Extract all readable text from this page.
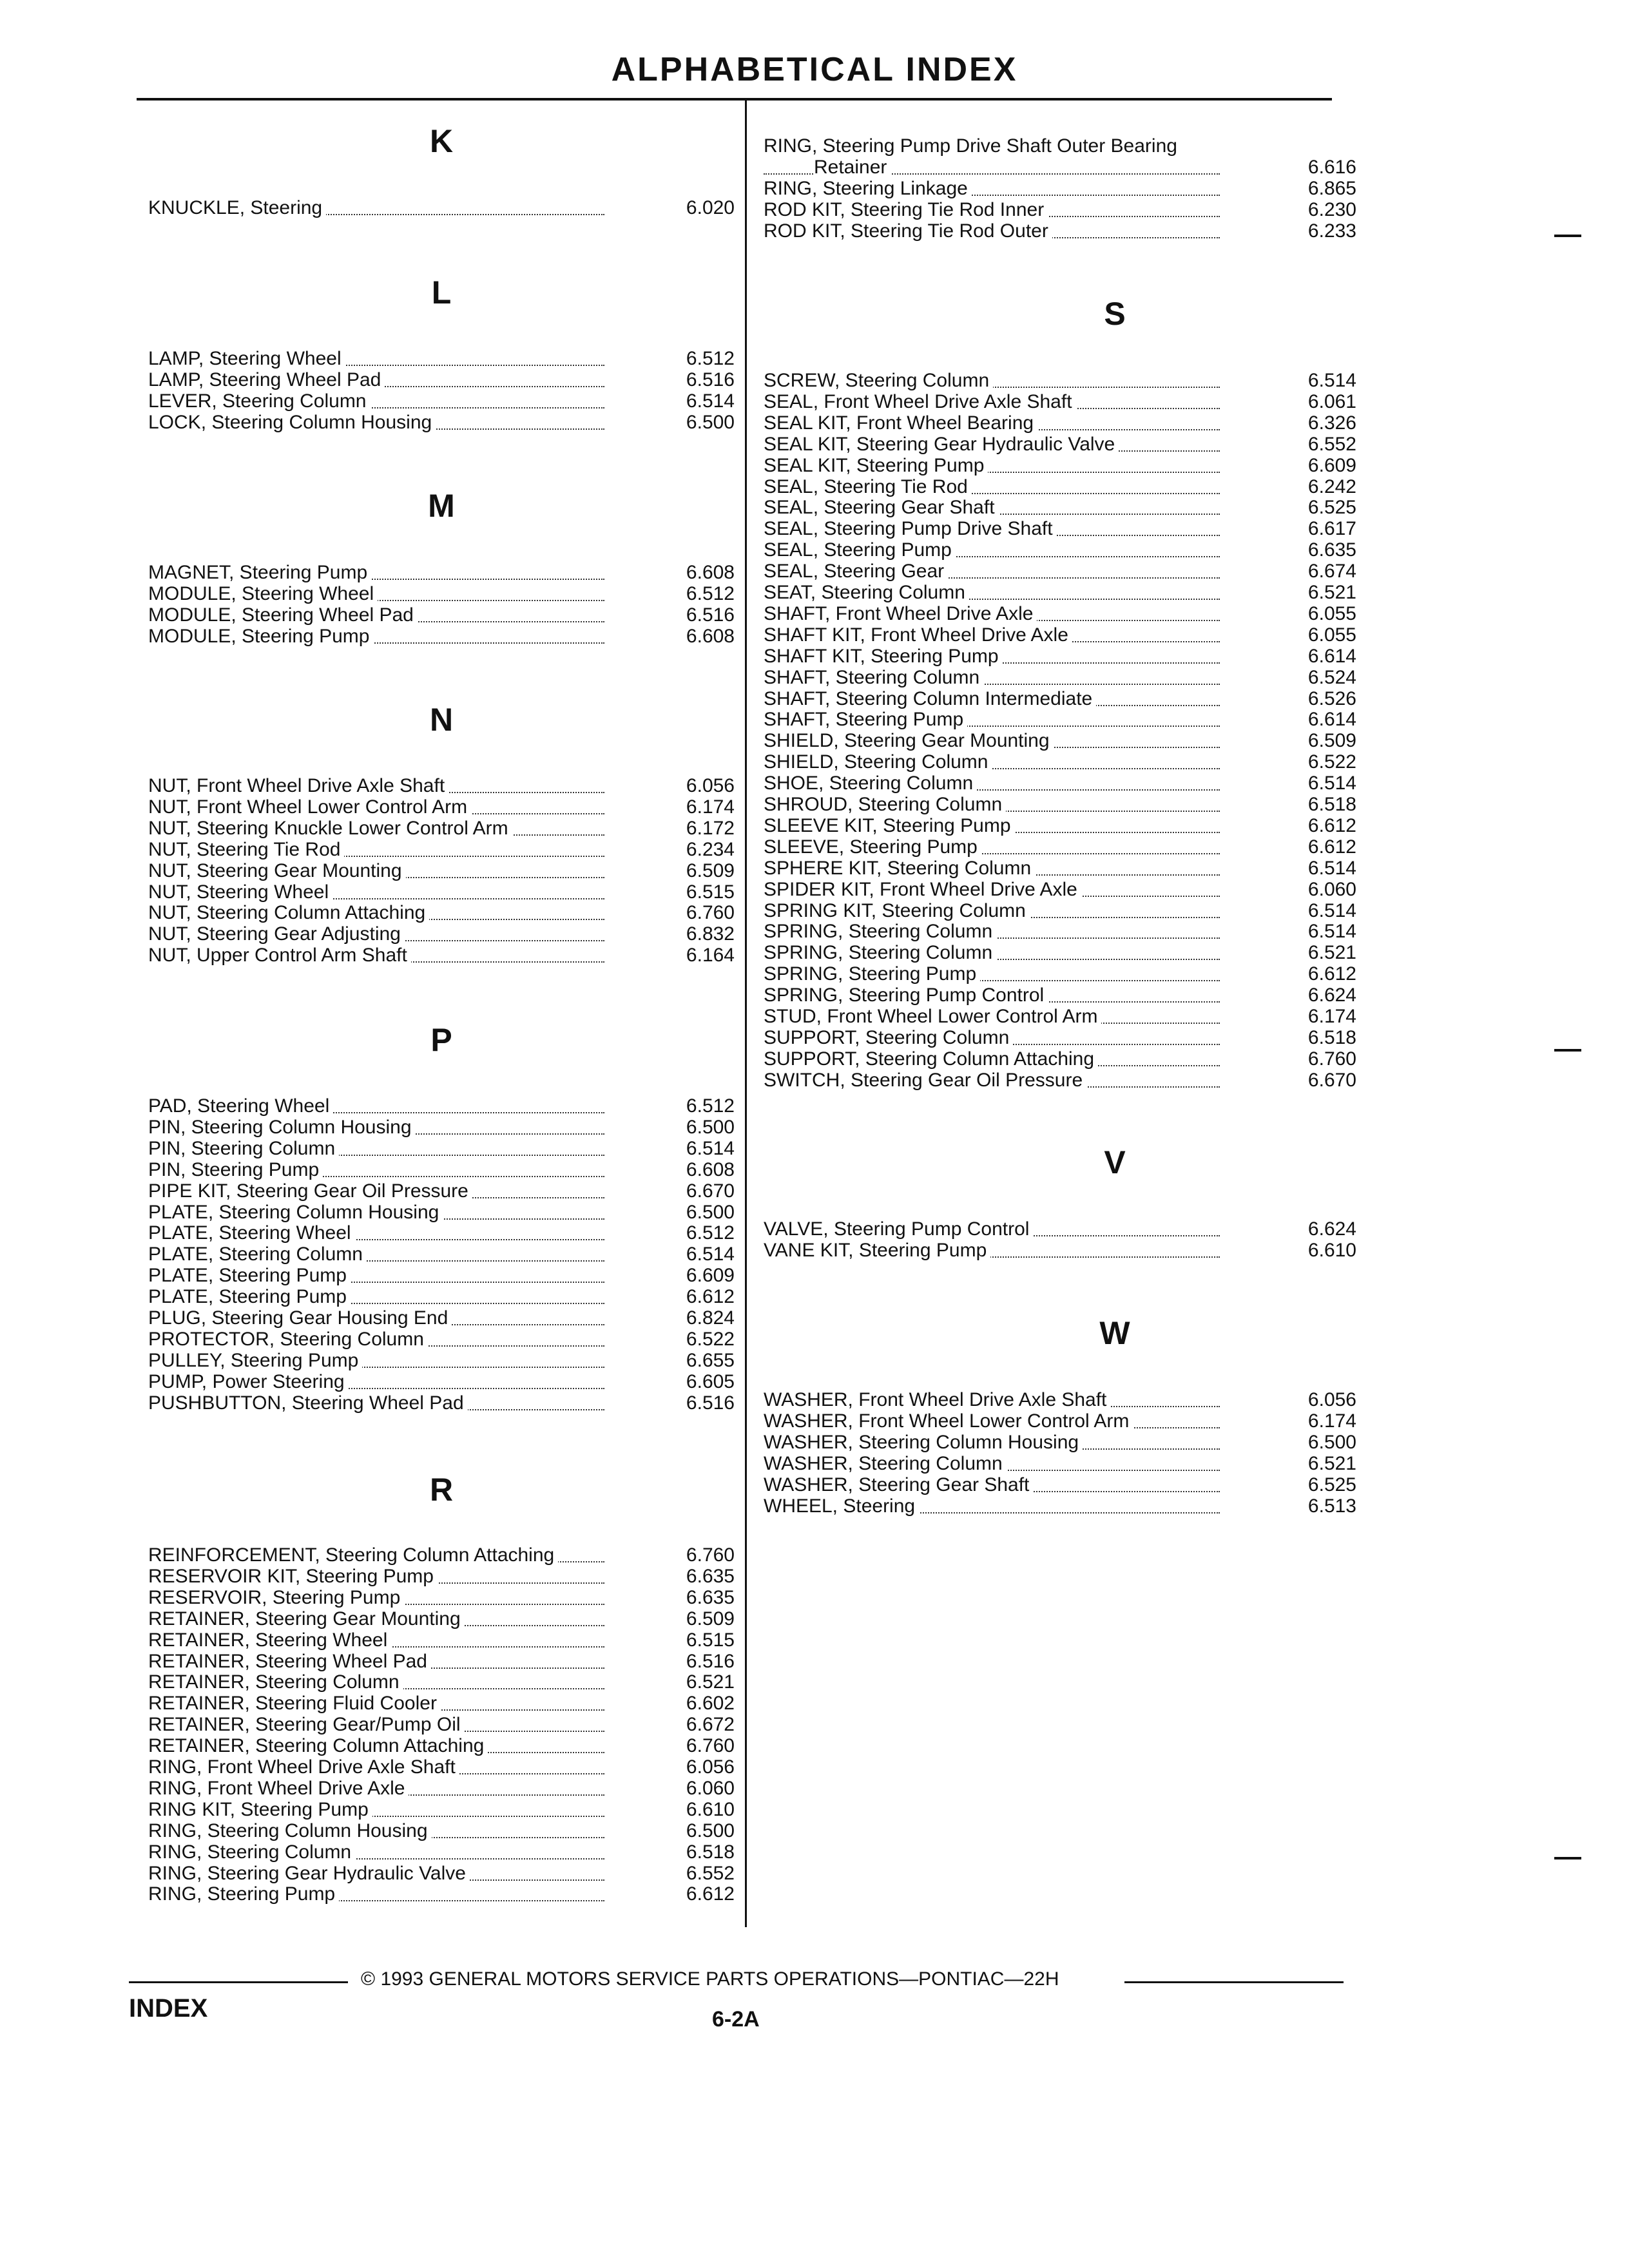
ALPHABETICAL INDEX
K
KNUCKLE, Steering	6.020
L
LAMP, Steering Wheel	6.512
LAMP, Steering Wheel Pad	6.516
LEVER, Steering Column	6.514
LOCK, Steering Column Housing	6.500
M
MAGNET, Steering Pump	6.608
MODULE, Steering Wheel	6.512
MODULE, Steering Wheel Pad	6.516
MODULE, Steering Pump	6.608
N
NUT, Front Wheel Drive Axle Shaft	6.056
NUT, Front Wheel Lower Control Arm	6.174
NUT, Steering Knuckle Lower Control Arm	6.172
NUT, Steering Tie Rod	6.234
NUT, Steering Gear Mounting	6.509
NUT, Steering Wheel	6.515
NUT, Steering Column Attaching	6.760
NUT, Steering Gear Adjusting	6.832
NUT, Upper Control Arm Shaft	6.164
P
PAD, Steering Wheel	6.512
PIN, Steering Column Housing	6.500
PIN, Steering Column	6.514
PIN, Steering Pump	6.608
PIPE KIT, Steering Gear Oil Pressure	6.670
PLATE, Steering Column Housing	6.500
PLATE, Steering Wheel	6.512
PLATE, Steering Column	6.514
PLATE, Steering Pump	6.609
PLATE, Steering Pump	6.612
PLUG, Steering Gear Housing End	6.824
PROTECTOR, Steering Column	6.522
PULLEY, Steering Pump	6.655
PUMP, Power Steering	6.605
PUSHBUTTON, Steering Wheel Pad	6.516
R
REINFORCEMENT, Steering Column Attaching	6.760
RESERVOIR KIT, Steering Pump	6.635
RESERVOIR, Steering Pump	6.635
RETAINER, Steering Gear Mounting	6.509
RETAINER, Steering Wheel	6.515
RETAINER, Steering Wheel Pad	6.516
RETAINER, Steering Column	6.521
RETAINER, Steering Fluid Cooler	6.602
RETAINER, Steering Gear/Pump Oil	6.672
RETAINER, Steering Column Attaching	6.760
RING, Front Wheel Drive Axle Shaft	6.056
RING, Front Wheel Drive Axle	6.060
RING KIT, Steering Pump	6.610
RING, Steering Column Housing	6.500
RING, Steering Column	6.518
RING, Steering Gear Hydraulic Valve	6.552
RING, Steering Pump	6.612
RING, Steering Pump Drive Shaft Outer Bearing
Retainer	6.616
RING, Steering Linkage	6.865
ROD KIT, Steering Tie Rod Inner	6.230
ROD KIT, Steering Tie Rod Outer	6.233
S
SCREW, Steering Column	6.514
SEAL, Front Wheel Drive Axle Shaft	6.061
SEAL KIT, Front Wheel Bearing	6.326
SEAL KIT, Steering Gear Hydraulic Valve	6.552
SEAL KIT, Steering Pump	6.609
SEAL, Steering Tie Rod	6.242
SEAL, Steering Gear Shaft	6.525
SEAL, Steering Pump Drive Shaft	6.617
SEAL, Steering Pump	6.635
SEAL, Steering Gear	6.674
SEAT, Steering Column	6.521
SHAFT, Front Wheel Drive Axle	6.055
SHAFT KIT, Front Wheel Drive Axle	6.055
SHAFT KIT, Steering Pump	6.614
SHAFT, Steering Column	6.524
SHAFT, Steering Column Intermediate	6.526
SHAFT, Steering Pump	6.614
SHIELD, Steering Gear Mounting	6.509
SHIELD, Steering Column	6.522
SHOE, Steering Column	6.514
SHROUD, Steering Column	6.518
SLEEVE KIT, Steering Pump	6.612
SLEEVE, Steering Pump	6.612
SPHERE KIT, Steering Column	6.514
SPIDER KIT, Front Wheel Drive Axle	6.060
SPRING KIT, Steering Column	6.514
SPRING, Steering Column	6.514
SPRING, Steering Column	6.521
SPRING, Steering Pump	6.612
SPRING, Steering Pump Control	6.624
STUD, Front Wheel Lower Control Arm	6.174
SUPPORT, Steering Column	6.518
SUPPORT, Steering Column Attaching	6.760
SWITCH, Steering Gear Oil Pressure	6.670
V
VALVE, Steering Pump Control	6.624
VANE KIT, Steering Pump	6.610
W
WASHER, Front Wheel Drive Axle Shaft	6.056
WASHER, Front Wheel Lower Control Arm	6.174
WASHER, Steering Column Housing	6.500
WASHER, Steering Column	6.521
WASHER, Steering Gear Shaft	6.525
WHEEL, Steering	6.513
© 1993 GENERAL MOTORS SERVICE PARTS OPERATIONS—PONTIAC—22H
INDEX	6-2A
